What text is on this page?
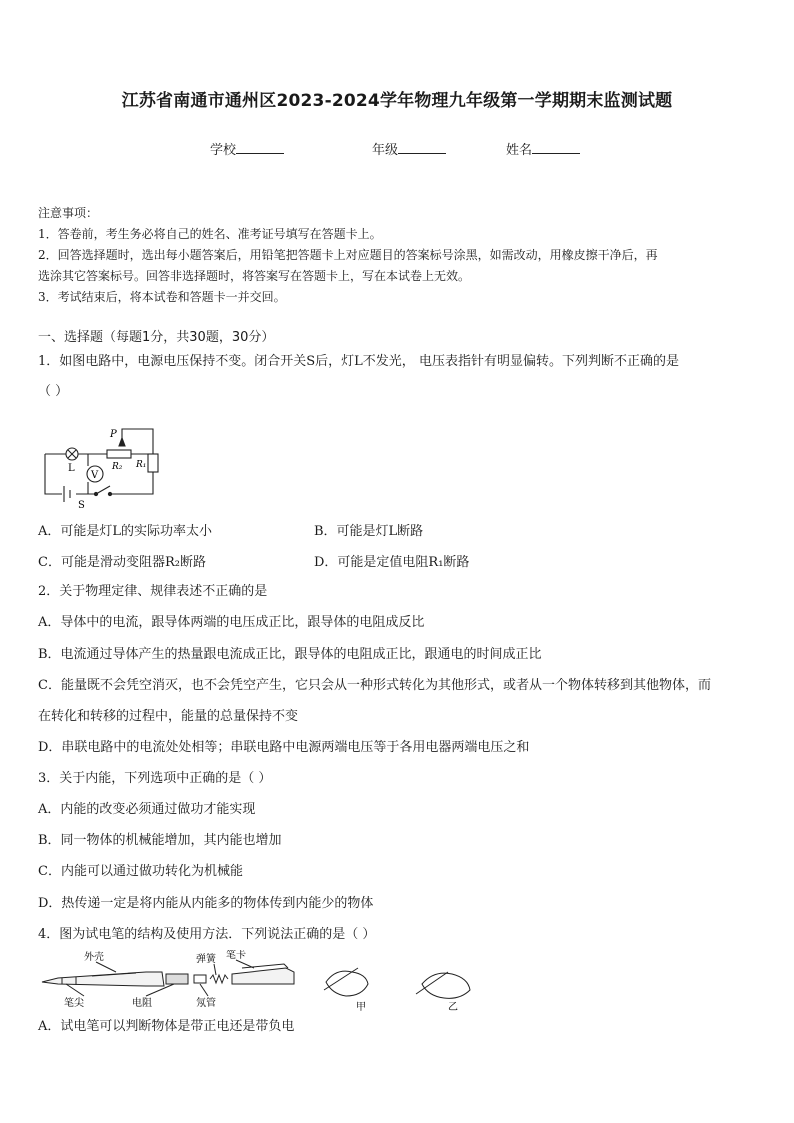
江苏省南通市通州区2023-2024学年物理九年级第一学期期末监测试题
学校	年级	姓名
注意事项：
1．答卷前，考生务必将自己的姓名、准考证号填写在答题卡上。
2．回答选择题时，选出每小题答案后，用铅笔把答题卡上对应题目的答案标号涂黑，如需改动，用橡皮擦干净后，再
选涂其它答案标号。回答非选择题时，将答案写在答题卡上，写在本试卷上无效。
3．考试结束后，将本试卷和答题卡一并交回。
一、选择题（每题1分，共30题，30分）
1．如图电路中，电源电压保持不变。闭合开关S后，灯L不发光， 电压表指针有明显偏转。下列判断不正确的是
（ ）
L
V
P
R₂ R₁
S
A．可能是灯L的实际功率太小	B．可能是灯L断路
C．可能是滑动变阻器R₂断路	D．可能是定值电阻R₁断路
2．关于物理定律、规律表述不正确的是
A．导体中的电流，跟导体两端的电压成正比，跟导体的电阻成反比
B．电流通过导体产生的热量跟电流成正比，跟导体的电阻成正比，跟通电的时间成正比
C．能量既不会凭空消灭，也不会凭空产生，它只会从一种形式转化为其他形式，或者从一个物体转移到其他物体，而
在转化和转移的过程中，能量的总量保持不变
D．串联电路中的电流处处相等；串联电路中电源两端电压等于各用电器两端电压之和
3．关于内能，下列选项中正确的是（ ）
A．内能的改变必须通过做功才能实现
B．同一物体的机械能增加，其内能也增加
C．内能可以通过做功转化为机械能
D．热传递一定是将内能从内能多的物体传到内能少的物体
4．图为试电笔的结构及使用方法．下列说法正确的是（ ）
外壳
笔尖	电阻	氖管
弹簧 笔卡
甲	乙
A．试电笔可以判断物体是带正电还是带负电
